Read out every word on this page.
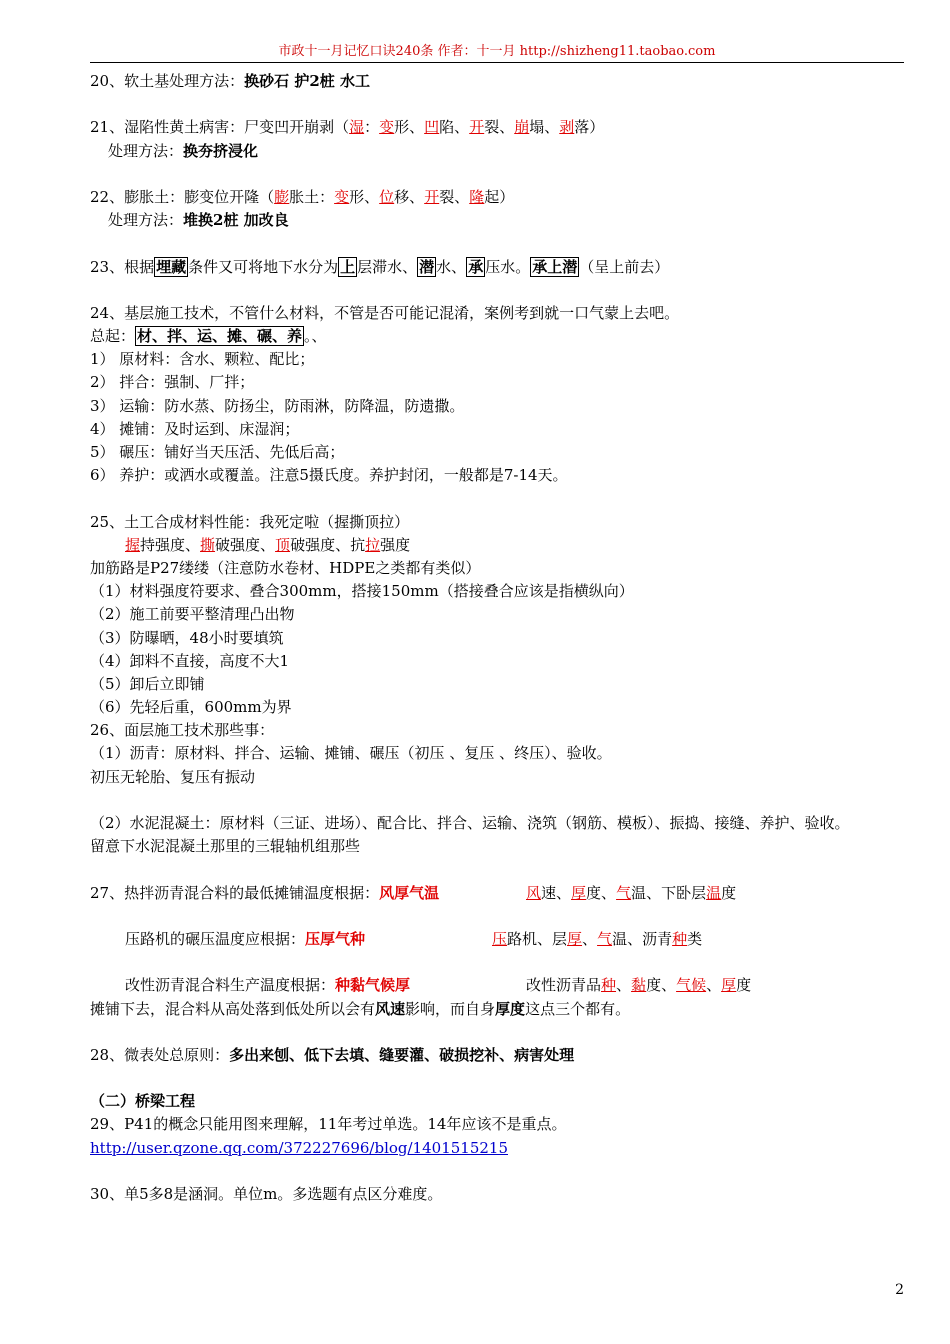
市政十一月记忆口诀240条 作者：十一月 http://shizheng11.taobao.com
20、软土基处理方法：换砂石 护2桩 水工
21、湿陷性黄土病害：尸变凹开崩剥（湿：变形、凹陷、开裂、崩塌、剥落）
处理方法：换夯挤浸化
22、膨胀土：膨变位开隆（膨胀土：变形、位移、开裂、隆起）
处理方法：堆换2桩 加改良
23、根据 埋藏 条件又可将地下水分为 上 层滞水、 潜 水、 承 压水。 承上潜 （呈上前去）
24、基层施工技术，不管什么材料，不管是否可能记混淆，案例考到就一口气蒙上去吧。
总起： 材、拌、运、摊、碾、养 。、
1） 原材料：含水、颗粒、配比；
2） 拌合：强制、厂拌；
3） 运输：防水蒸、防扬尘，防雨淋，防降温，防遗撒。
4） 摊铺：及时运到、床湿润；
5） 碾压：铺好当天压活、先低后高；
6） 养护：或洒水或覆盖。注意5摄氏度。养护封闭，一般都是7-14天。
25、土工合成材料性能：我死定啦（握撕顶拉）
握持强度、撕破强度、顶破强度、抗拉强度
加筋路是P27缕缕（注意防水卷材、HDPE之类都有类似）
（1）材料强度符要求、叠合300mm，搭接150mm（搭接叠合应该是指横纵向）
（2）施工前要平整清理凸出物
（3）防曝晒，48小时要填筑
（4）卸料不直接，高度不大1
（5）卸后立即铺
（6）先轻后重，600mm为界
26、面层施工技术那些事：
（1）沥青：原材料、拌合、运输、摊铺、碾压（初压 、复压 、终压）、验收。
初压无轮胎、复压有振动
（2）水泥混凝土：原材料（三证、进场）、配合比、拌合、运输、浇筑（钢筋、模板）、振捣、接缝、养护、验收。
留意下水泥混凝土那里的三辊轴机组那些
27、热拌沥青混合料的最低摊铺温度根据：风厚气温	风速、厚度、气温、下卧层温度
压路机的碾压温度应根据：压厚气种	压路机、层厚、气温、沥青种类
改性沥青混合料生产温度根据：种黏气候厚	改性沥青品种、黏度、气候、厚度
摊铺下去，混合料从高处落到低处所以会有风速影响，而自身厚度这点三个都有。
28、微表处总原则：多出来刨、低下去填、缝要灌、破损挖补、病害处理
（二）桥梁工程
29、P41的概念只能用图来理解，11年考过单选。14年应该不是重点。
http://user.qzone.qq.com/372227696/blog/1401515215
30、单5多8是涵洞。单位m。多选题有点区分难度。
2
